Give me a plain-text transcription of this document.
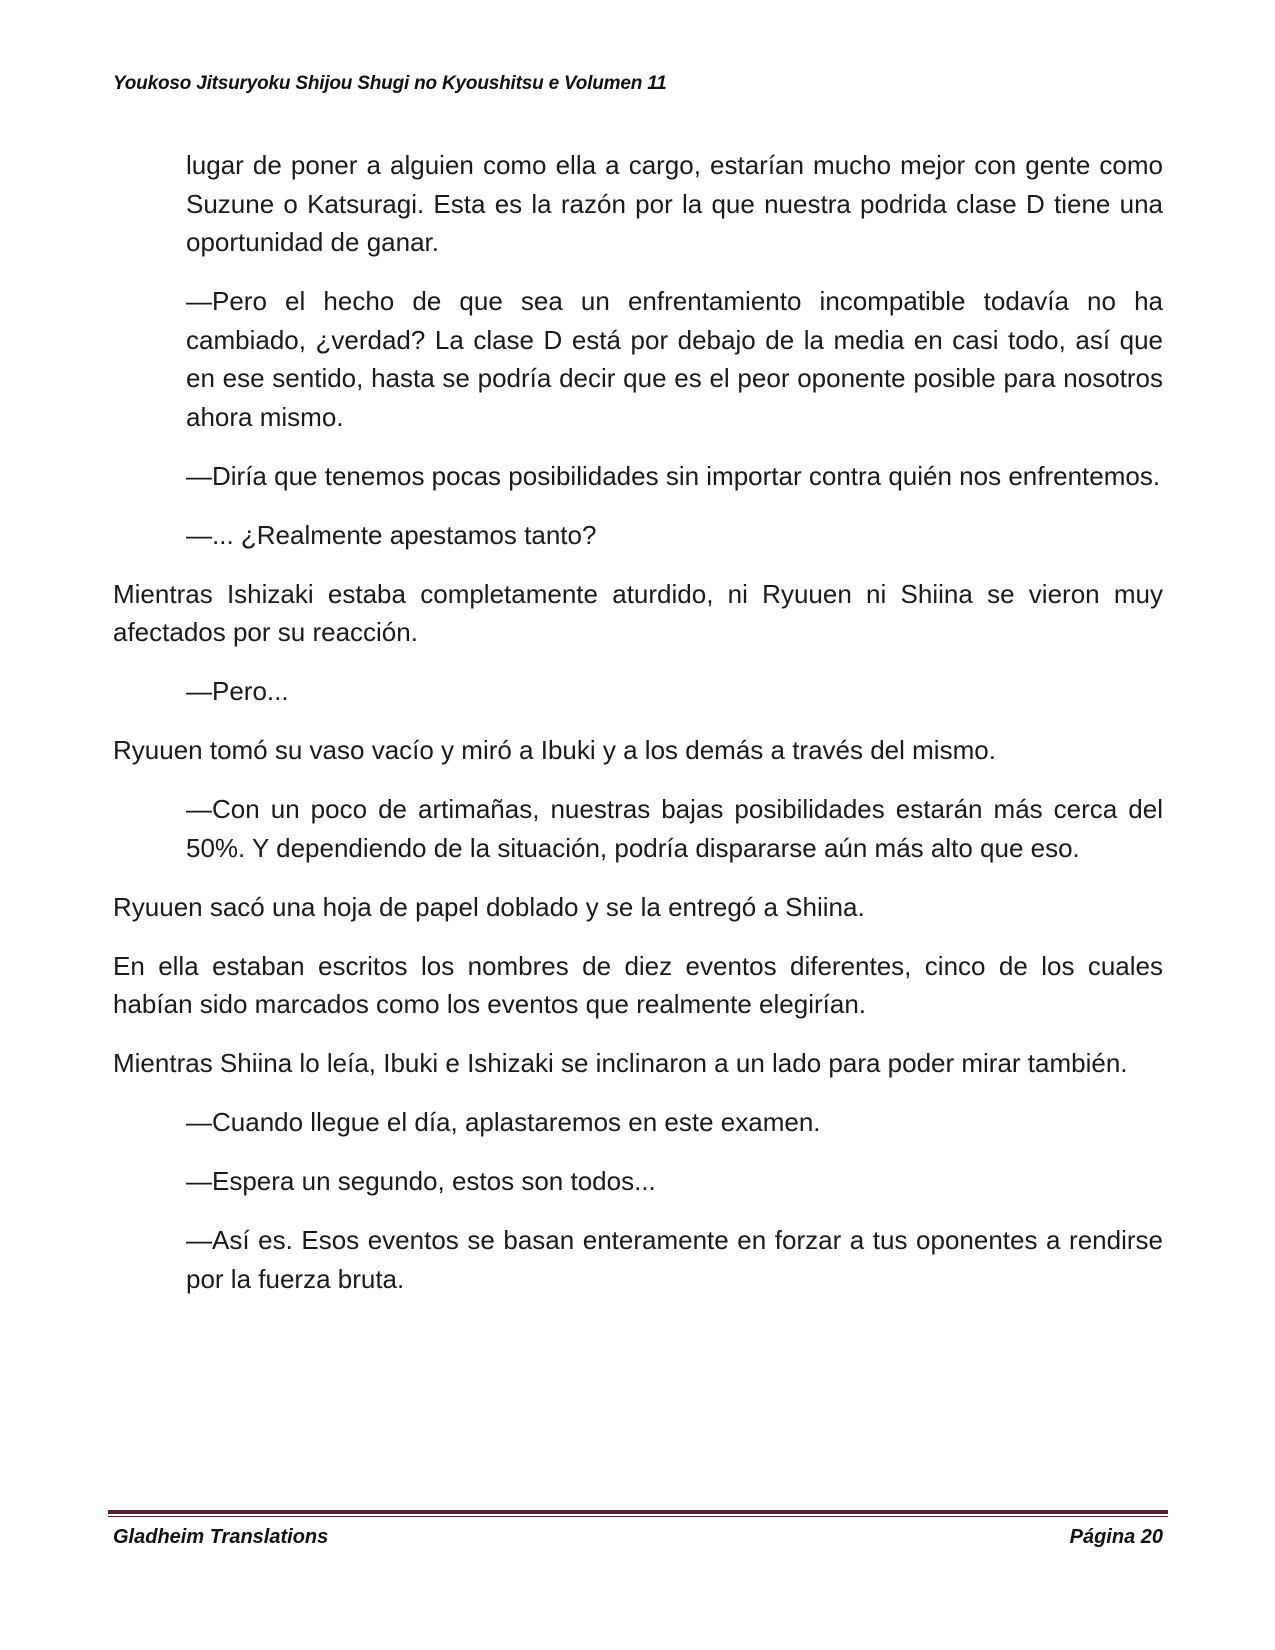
Youkoso Jitsuryoku Shijou Shugi no Kyoushitsu e Volumen 11

lugar de poner a alguien como ella a cargo, estarían mucho mejor con gente como Suzune o Katsuragi. Esta es la razón por la que nuestra podrida clase D tiene una oportunidad de ganar.

—Pero el hecho de que sea un enfrentamiento incompatible todavía no ha cambiado, ¿verdad? La clase D está por debajo de la media en casi todo, así que en ese sentido, hasta se podría decir que es el peor oponente posible para nosotros ahora mismo.

—Diría que tenemos pocas posibilidades sin importar contra quién nos enfrentemos.

—... ¿Realmente apestamos tanto?

Mientras Ishizaki estaba completamente aturdido, ni Ryuuen ni Shiina se vieron muy afectados por su reacción.

—Pero...

Ryuuen tomó su vaso vacío y miró a Ibuki y a los demás a través del mismo.

—Con un poco de artimañas, nuestras bajas posibilidades estarán más cerca del 50%. Y dependiendo de la situación, podría dispararse aún más alto que eso.

Ryuuen sacó una hoja de papel doblado y se la entregó a Shiina.

En ella estaban escritos los nombres de diez eventos diferentes, cinco de los cuales habían sido marcados como los eventos que realmente elegirían.

Mientras Shiina lo leía, Ibuki e Ishizaki se inclinaron a un lado para poder mirar también.

—Cuando llegue el día, aplastaremos en este examen.

—Espera un segundo, estos son todos...

—Así es. Esos eventos se basan enteramente en forzar a tus oponentes a rendirse por la fuerza bruta.

Gladheim Translations	Página 20
